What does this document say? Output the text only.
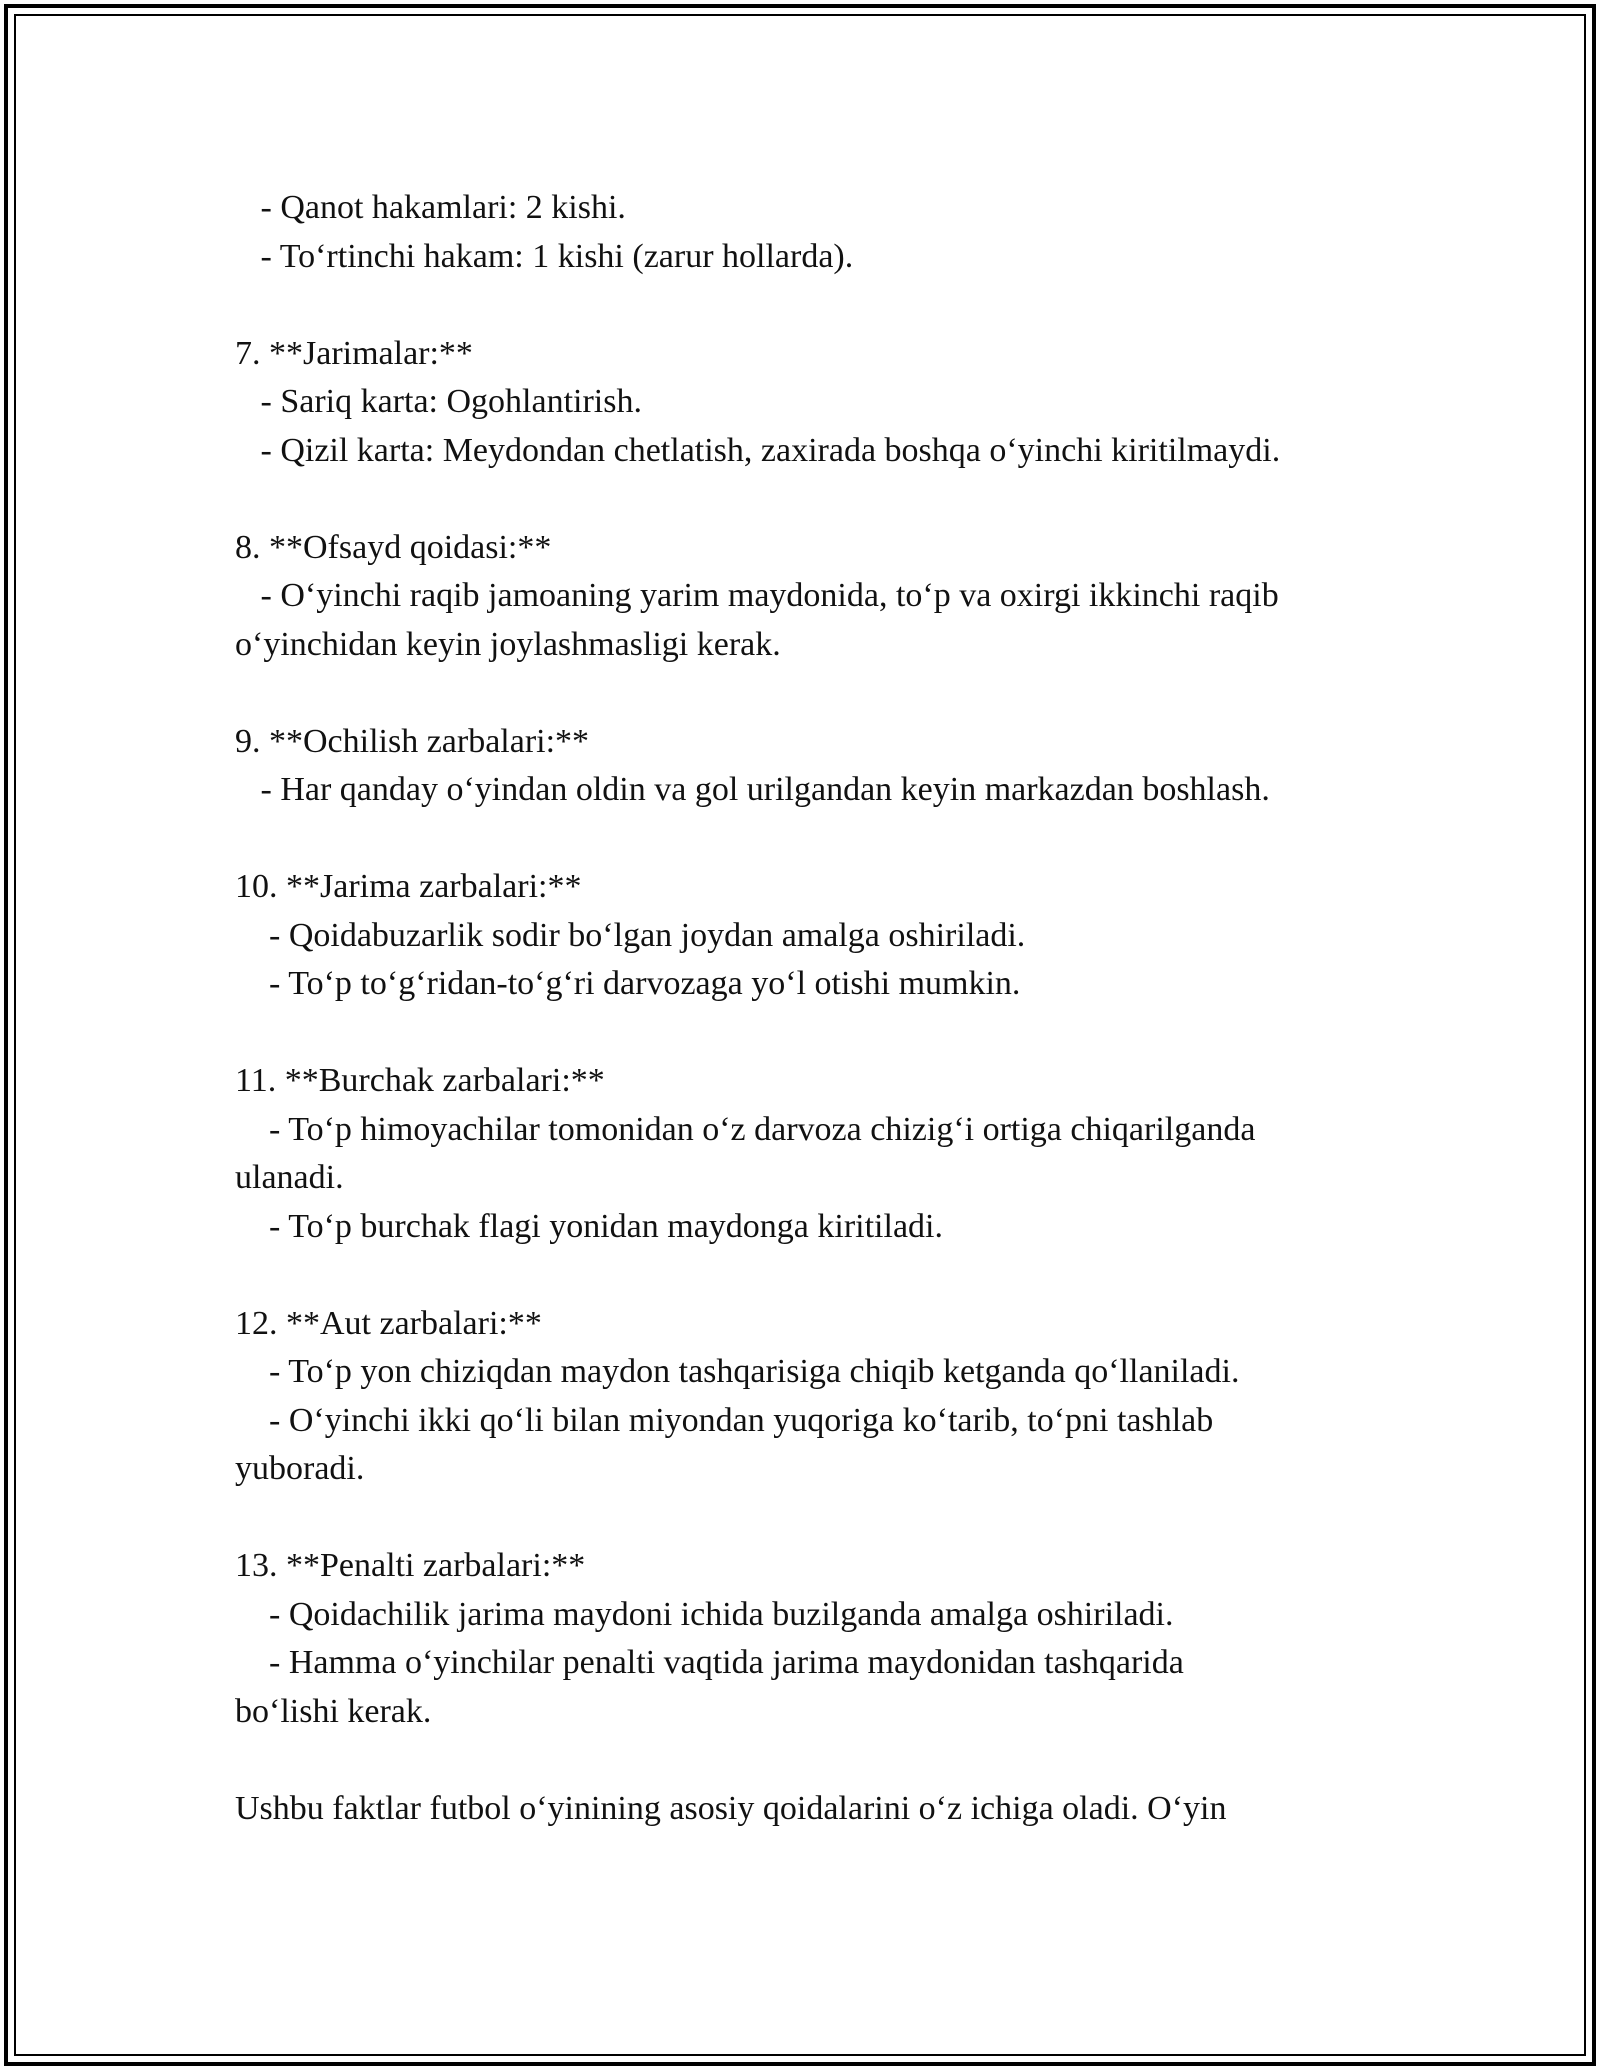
- Qanot hakamlari: 2 kishi.
- To‘rtinchi hakam: 1 kishi (zarur hollarda).
7. **Jarimalar:**
- Sariq karta: Ogohlantirish.
- Qizil karta: Meydondan chetlatish, zaxirada boshqa o‘yinchi kiritilmaydi.
8. **Ofsayd qoidasi:**
- O‘yinchi raqib jamoaning yarim maydonida, to‘p va oxirgi ikkinchi raqib
o‘yinchidan keyin joylashmasligi kerak.
9. **Ochilish zarbalari:**
- Har qanday o‘yindan oldin va gol urilgandan keyin markazdan boshlash.
10. **Jarima zarbalari:**
- Qoidabuzarlik sodir bo‘lgan joydan amalga oshiriladi.
- To‘p to‘g‘ridan-to‘g‘ri darvozaga yo‘l otishi mumkin.
11. **Burchak zarbalari:**
- To‘p himoyachilar tomonidan o‘z darvoza chizig‘i ortiga chiqarilganda
ulanadi.
- To‘p burchak flagi yonidan maydonga kiritiladi.
12. **Aut zarbalari:**
- To‘p yon chiziqdan maydon tashqarisiga chiqib ketganda qo‘llaniladi.
- O‘yinchi ikki qo‘li bilan miyondan yuqoriga ko‘tarib, to‘pni tashlab
yuboradi.
13. **Penalti zarbalari:**
- Qoidachilik jarima maydoni ichida buzilganda amalga oshiriladi.
- Hamma o‘yinchilar penalti vaqtida jarima maydonidan tashqarida
bo‘lishi kerak.
Ushbu faktlar futbol o‘yinining asosiy qoidalarini o‘z ichiga oladi. O‘yin
